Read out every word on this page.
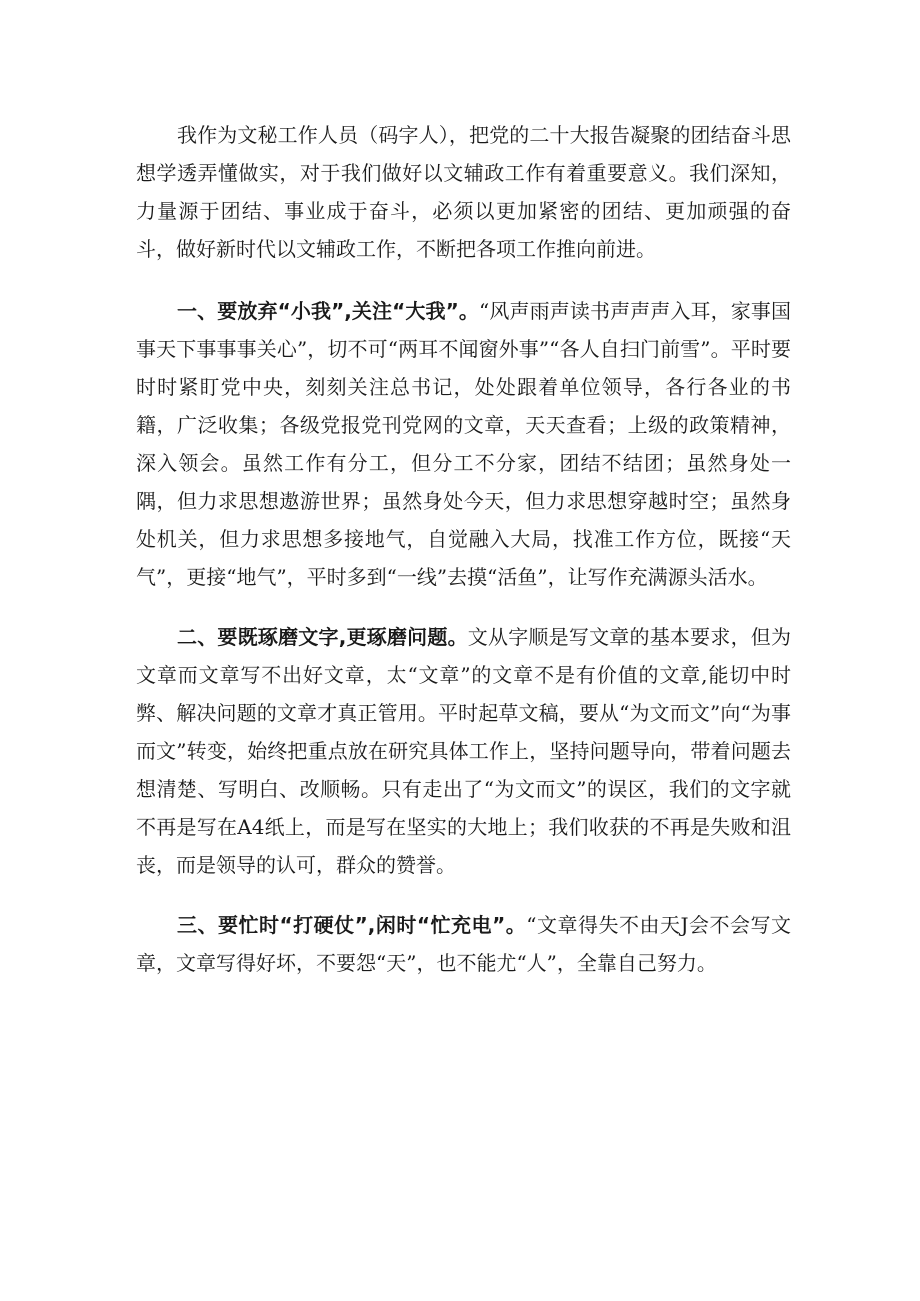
我作为文秘工作人员（码字人），把党的二十大报告凝聚的团结奋斗思想学透弄懂做实，对于我们做好以文辅政工作有着重要意义。我们深知，力量源于团结、事业成于奋斗，必须以更加紧密的团结、更加顽强的奋斗，做好新时代以文辅政工作，不断把各项工作推向前进。

一、要放弃“小我”,关注“大我”。“风声雨声读书声声声入耳，家事国事天下事事事关心”，切不可“两耳不闻窗外事”“各人自扫门前雪”。平时要时时紧盯党中央，刻刻关注总书记，处处跟着单位领导，各行各业的书籍，广泛收集；各级党报党刊党网的文章，天天查看；上级的政策精神，深入领会。虽然工作有分工，但分工不分家，团结不结团；虽然身处一隅，但力求思想遨游世界；虽然身处今天，但力求思想穿越时空；虽然身处机关，但力求思想多接地气，自觉融入大局，找准工作方位，既接“天气”，更接“地气”，平时多到“一线”去摸“活鱼”，让写作充满源头活水。

二、要既琢磨文字,更琢磨问题。文从字顺是写文章的基本要求，但为文章而文章写不出好文章，太“文章”的文章不是有价值的文章,能切中时弊、解决问题的文章才真正管用。平时起草文稿，要从“为文而文”向“为事而文”转变，始终把重点放在研究具体工作上，坚持问题导向，带着问题去想清楚、写明白、改顺畅。只有走出了“为文而文”的误区，我们的文字就不再是写在A4纸上，而是写在坚实的大地上；我们收获的不再是失败和沮丧，而是领导的认可，群众的赞誉。

三、要忙时“打硬仗”,闲时“忙充电”。“文章得失不由天J会不会写文章，文章写得好坏，不要怨“天”，也不能尤“人”，全靠自己努力。
